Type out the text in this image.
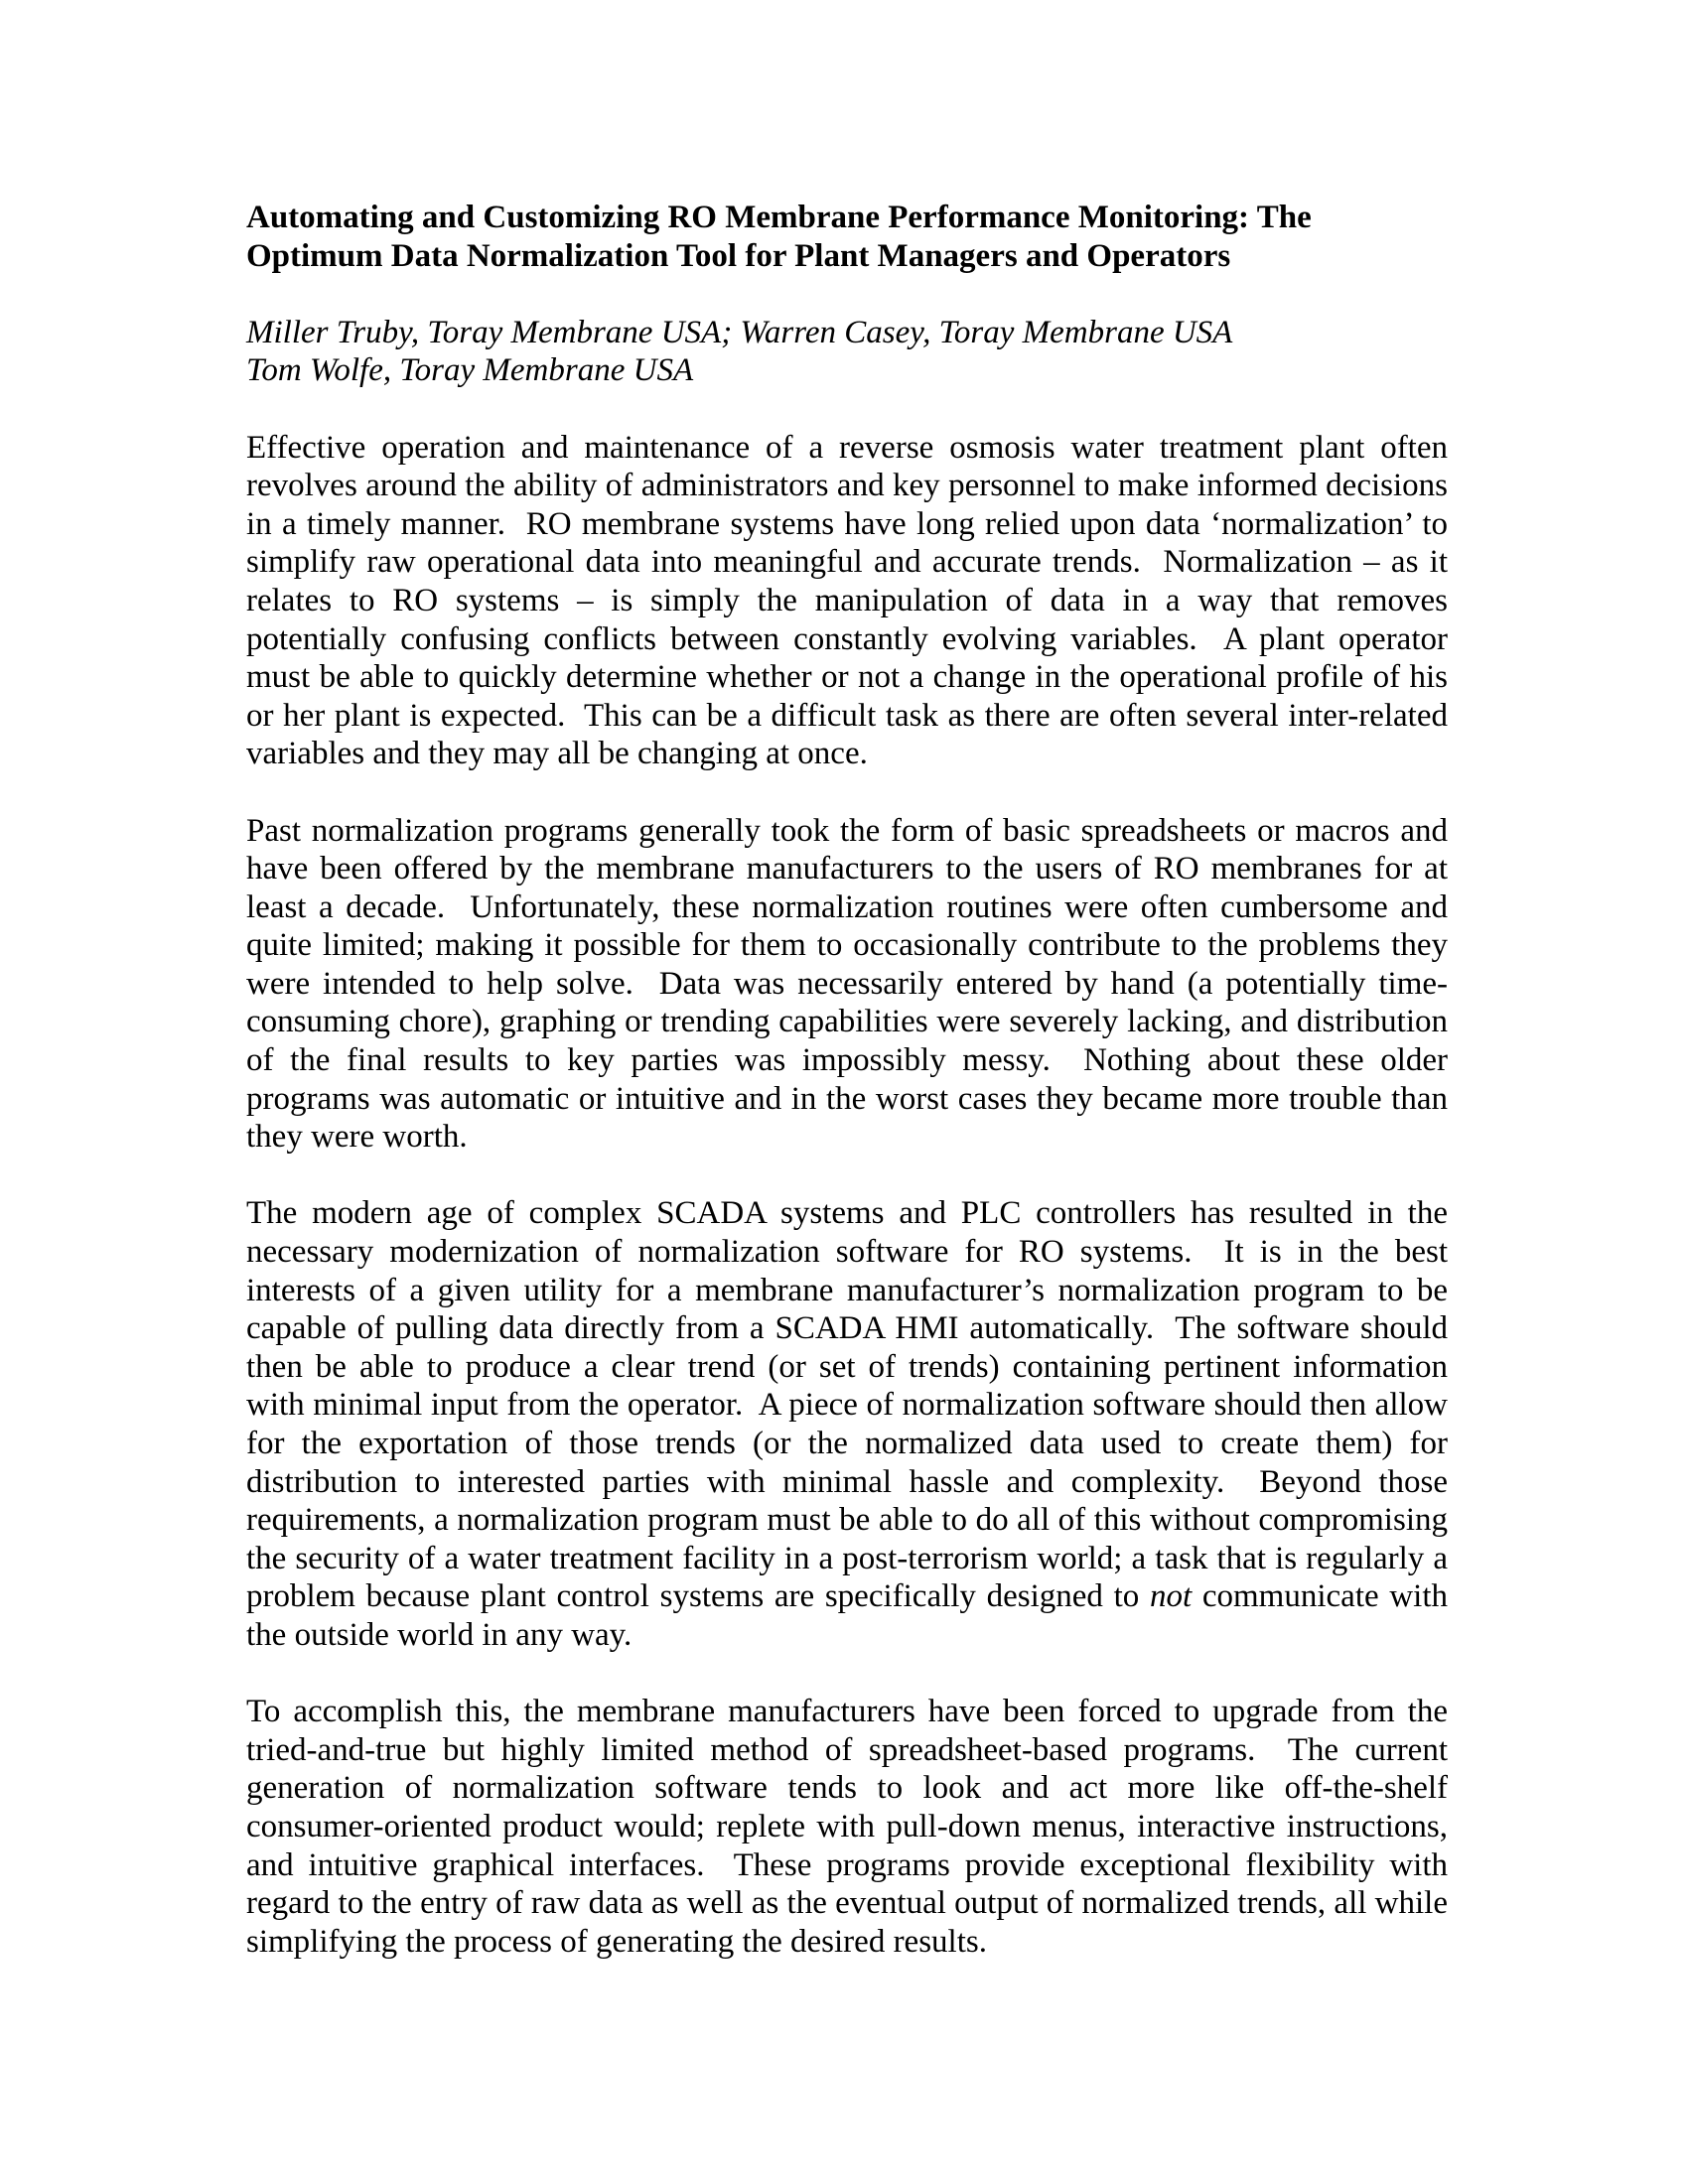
Automating and Customizing RO Membrane Performance Monitoring: The
Optimum Data Normalization Tool for Plant Managers and Operators
Miller Truby, Toray Membrane USA; Warren Casey, Toray Membrane USA
Tom Wolfe, Toray Membrane USA

Effective operation and maintenance of a reverse osmosis water treatment plant often revolves around the ability of administrators and key personnel to make informed decisions in a timely manner.  RO membrane systems have long relied upon data ‘normalization’ to simplify raw operational data into meaningful and accurate trends.  Normalization – as it relates to RO systems – is simply the manipulation of data in a way that removes potentially confusing conflicts between constantly evolving variables.  A plant operator must be able to quickly determine whether or not a change in the operational profile of his or her plant is expected.  This can be a difficult task as there are often several inter-related variables and they may all be changing at once.

Past normalization programs generally took the form of basic spreadsheets or macros and have been offered by the membrane manufacturers to the users of RO membranes for at least a decade.  Unfortunately, these normalization routines were often cumbersome and quite limited; making it possible for them to occasionally contribute to the problems they were intended to help solve.  Data was necessarily entered by hand (a potentially time-consuming chore), graphing or trending capabilities were severely lacking, and distribution of the final results to key parties was impossibly messy.  Nothing about these older programs was automatic or intuitive and in the worst cases they became more trouble than they were worth.

The modern age of complex SCADA systems and PLC controllers has resulted in the necessary modernization of normalization software for RO systems.  It is in the best interests of a given utility for a membrane manufacturer’s normalization program to be capable of pulling data directly from a SCADA HMI automatically.  The software should then be able to produce a clear trend (or set of trends) containing pertinent information with minimal input from the operator.  A piece of normalization software should then allow for the exportation of those trends (or the normalized data used to create them) for distribution to interested parties with minimal hassle and complexity.  Beyond those requirements, a normalization program must be able to do all of this without compromising the security of a water treatment facility in a post-terrorism world; a task that is regularly a problem because plant control systems are specifically designed to not communicate with the outside world in any way.

To accomplish this, the membrane manufacturers have been forced to upgrade from the tried-and-true but highly limited method of spreadsheet-based programs.  The current generation of normalization software tends to look and act more like off-the-shelf consumer-oriented product would; replete with pull-down menus, interactive instructions, and intuitive graphical interfaces.  These programs provide exceptional flexibility with regard to the entry of raw data as well as the eventual output of normalized trends, all while simplifying the process of generating the desired results.
